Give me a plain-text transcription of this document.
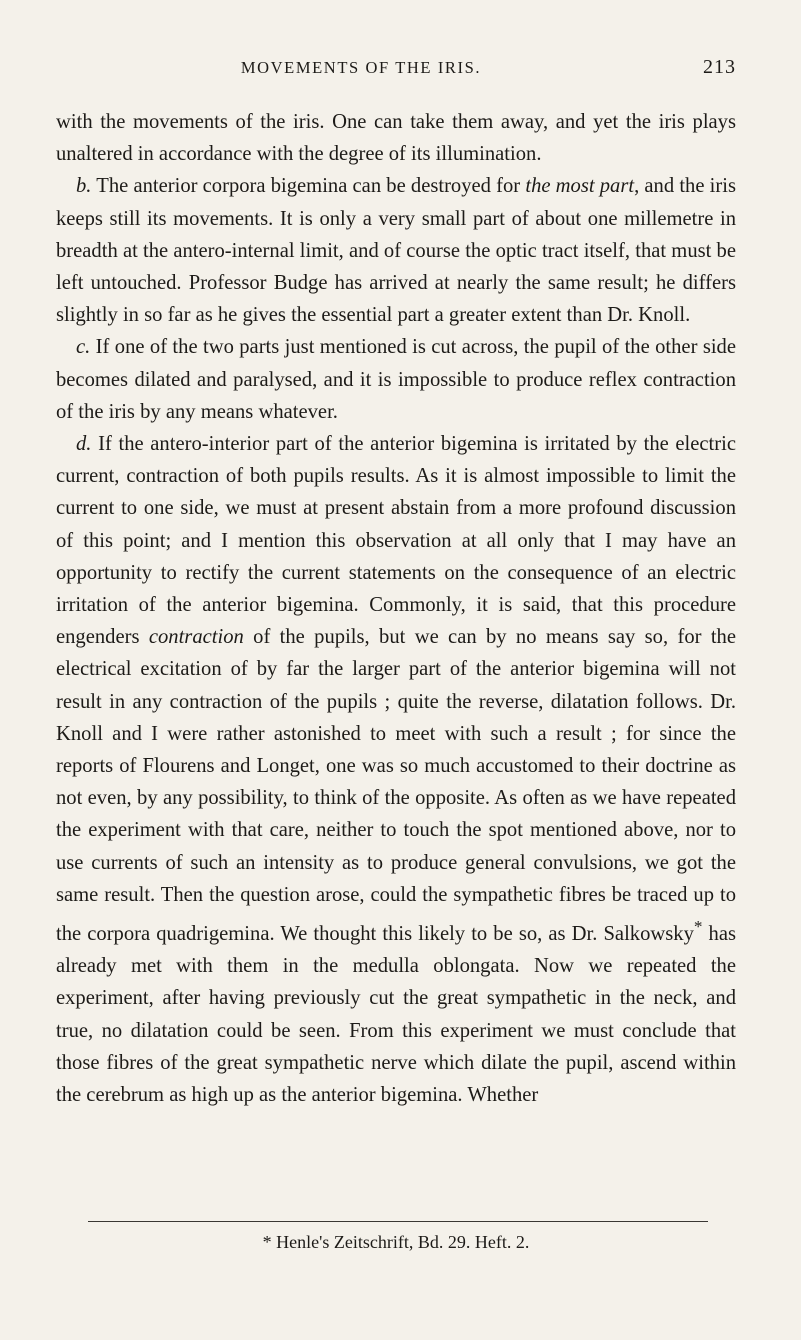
MOVEMENTS OF THE IRIS.	213

with the movements of the iris. One can take them away, and yet the iris plays unaltered in accordance with the degree of its illumination.

b. The anterior corpora bigemina can be destroyed for the most part, and the iris keeps still its movements. It is only a very small part of about one millemetre in breadth at the antero-internal limit, and of course the optic tract itself, that must be left untouched. Professor Budge has arrived at nearly the same result; he differs slightly in so far as he gives the essential part a greater extent than Dr. Knoll.

c. If one of the two parts just mentioned is cut across, the pupil of the other side becomes dilated and paralysed, and it is impossible to produce reflex contraction of the iris by any means whatever.

d. If the antero-interior part of the anterior bigemina is irritated by the electric current, contraction of both pupils results. As it is almost impossible to limit the current to one side, we must at present abstain from a more profound discussion of this point; and I mention this observation at all only that I may have an opportunity to rectify the current statements on the consequence of an electric irritation of the anterior bigemina. Commonly, it is said, that this procedure engenders contraction of the pupils, but we can by no means say so, for the electrical excitation of by far the larger part of the anterior bigemina will not result in any contraction of the pupils ; quite the reverse, dilatation follows. Dr. Knoll and I were rather astonished to meet with such a result ; for since the reports of Flourens and Longet, one was so much accustomed to their doctrine as not even, by any possibility, to think of the opposite. As often as we have repeated the experiment with that care, neither to touch the spot mentioned above, nor to use currents of such an intensity as to produce general convulsions, we got the same result. Then the question arose, could the sympathetic fibres be traced up to the corpora quadrigemina. We thought this likely to be so, as Dr. Salkowsky* has already met with them in the medulla oblongata. Now we repeated the experiment, after having previously cut the great sympathetic in the neck, and true, no dilatation could be seen. From this experiment we must conclude that those fibres of the great sympathetic nerve which dilate the pupil, ascend within the cerebrum as high up as the anterior bigemina. Whether

* Henle's Zeitschrift, Bd. 29. Heft. 2.
